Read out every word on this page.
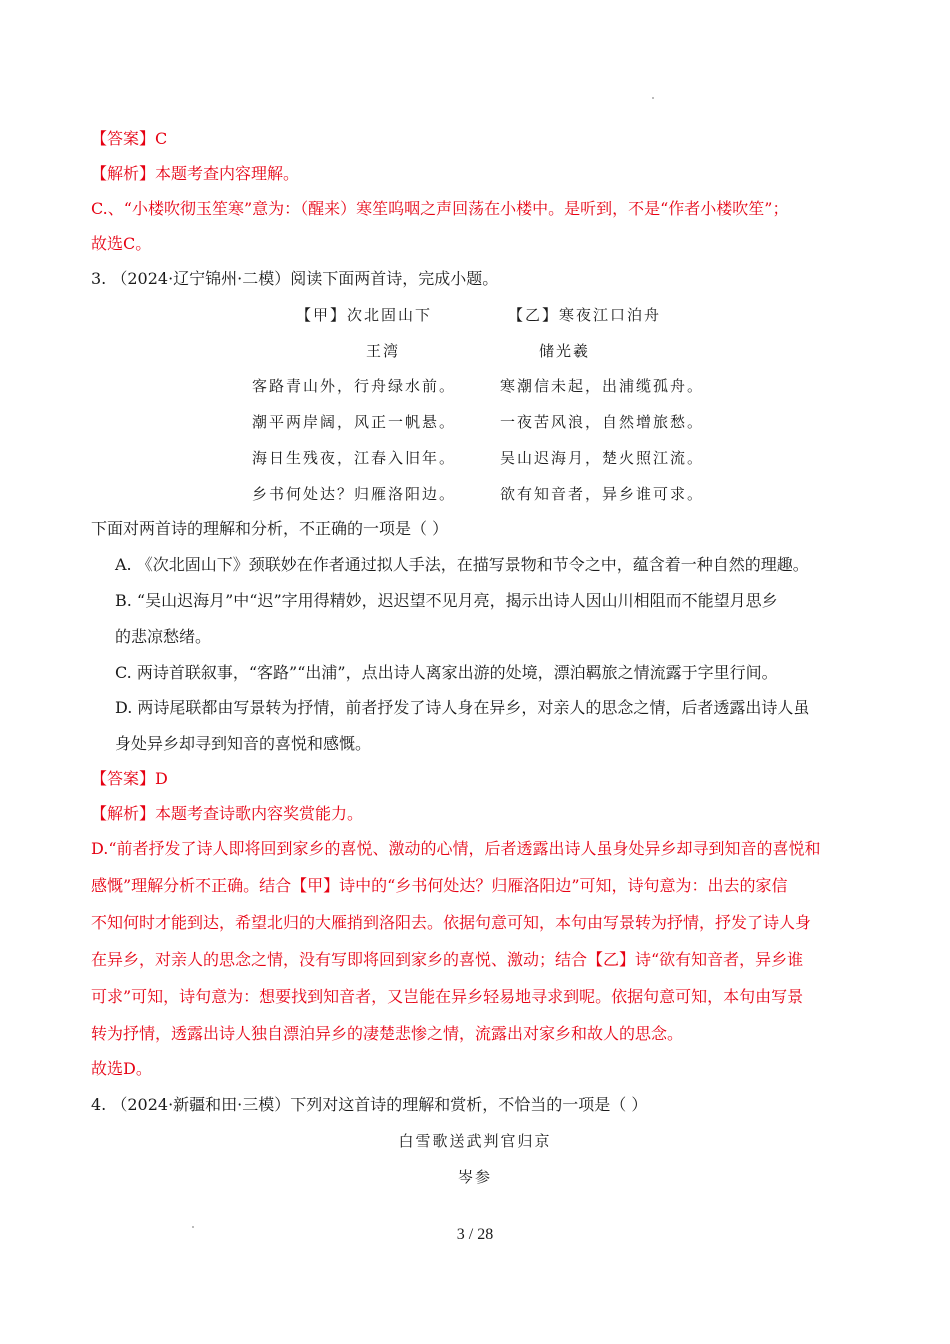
【答案】C
【解析】本题考查内容理解。
C.、“小楼吹彻玉笙寒”意为：（醒来）寒笙呜咽之声回荡在小楼中。是听到，不是“作者小楼吹笙”；
故选C。
3. （2024·辽宁锦州·二模）阅读下面两首诗，完成小题。
【甲】次北固山下	【乙】寒夜江口泊舟
王湾	储光羲
客路青山外，行舟绿水前。	寒潮信未起，出浦缆孤舟。
潮平两岸阔，风正一帆悬。	一夜苦风浪，自然增旅愁。
海日生残夜，江春入旧年。	吴山迟海月，楚火照江流。
乡书何处达？归雁洛阳边。	欲有知音者，异乡谁可求。
下面对两首诗的理解和分析，不正确的一项是（ ）
A. 《次北固山下》颈联妙在作者通过拟人手法，在描写景物和节令之中，蕴含着一种自然的理趣。
B. “吴山迟海月”中“迟”字用得精妙，迟迟望不见月亮，揭示出诗人因山川相阻而不能望月思乡
的悲凉愁绪。
C. 两诗首联叙事，“客路”“出浦”，点出诗人离家出游的处境，漂泊羁旅之情流露于字里行间。
D. 两诗尾联都由写景转为抒情，前者抒发了诗人身在异乡，对亲人的思念之情，后者透露出诗人虽
身处异乡却寻到知音的喜悦和感慨。
【答案】D
【解析】本题考查诗歌内容奖赏能力。
D.“前者抒发了诗人即将回到家乡的喜悦、激动的心情，后者透露出诗人虽身处异乡却寻到知音的喜悦和
感慨”理解分析不正确。结合【甲】诗中的“乡书何处达？归雁洛阳边”可知，诗句意为：出去的家信
不知何时才能到达，希望北归的大雁捎到洛阳去。依据句意可知，本句由写景转为抒情，抒发了诗人身
在异乡，对亲人的思念之情，没有写即将回到家乡的喜悦、激动；结合【乙】诗“欲有知音者，异乡谁
可求”可知，诗句意为：想要找到知音者，又岂能在异乡轻易地寻求到呢。依据句意可知，本句由写景
转为抒情，透露出诗人独自漂泊异乡的凄楚悲惨之情，流露出对家乡和故人的思念。
故选D。
4. （2024·新疆和田·三模）下列对这首诗的理解和赏析，不恰当的一项是（ ）
白雪歌送武判官归京
岑参
3 / 28
